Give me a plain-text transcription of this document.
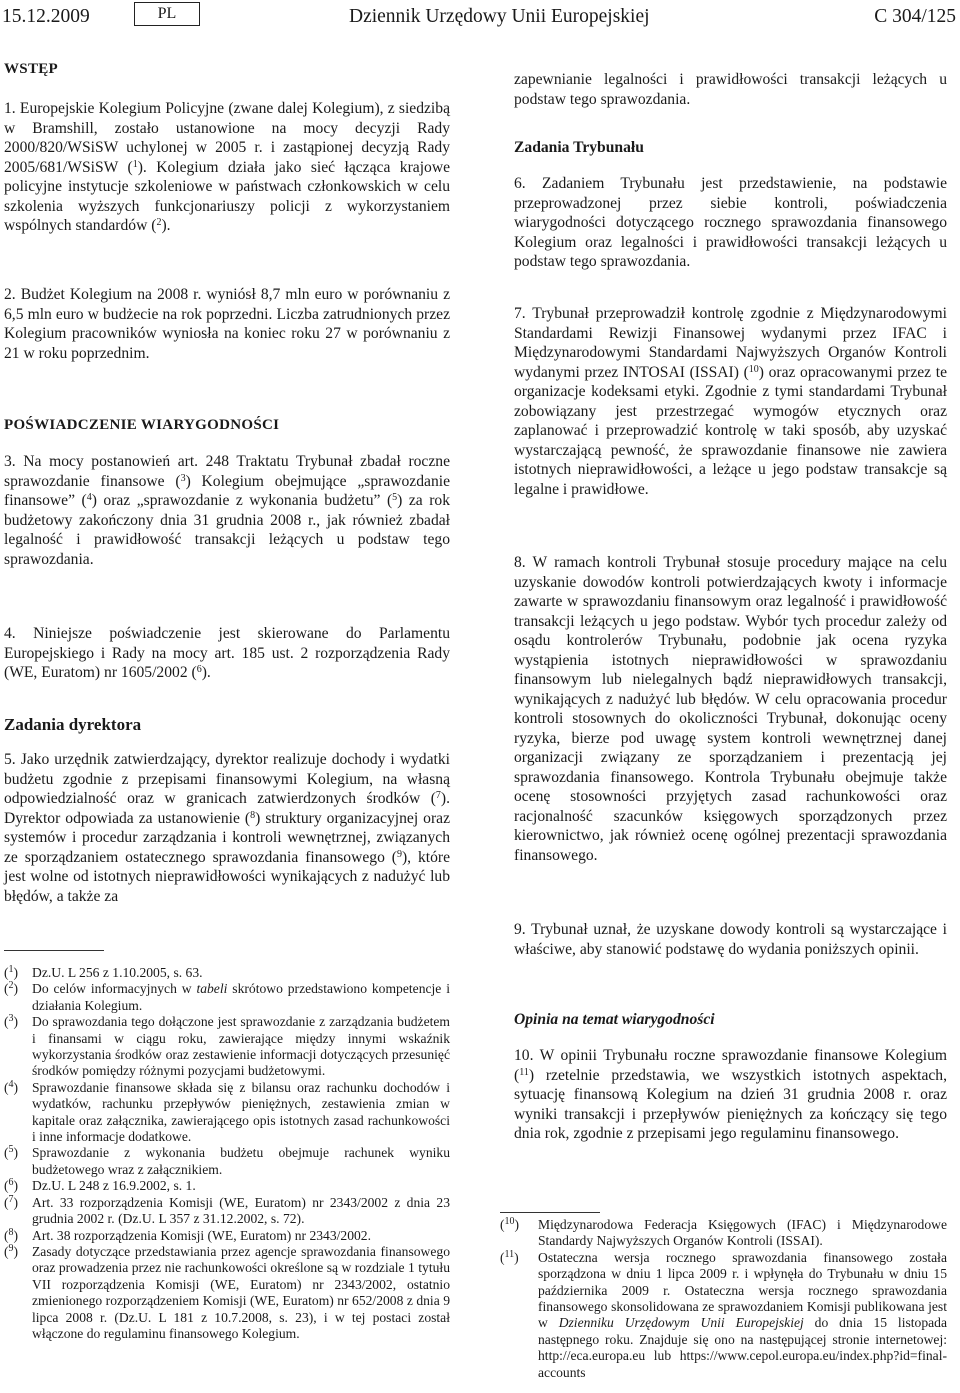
15.12.2009	PL	Dziennik Urzędowy Unii Europejskiej	C 304/125

WSTĘP

1. Europejskie Kolegium Policyjne (zwane dalej Kolegium), z siedzibą w Bramshill, zostało ustanowione na mocy decyzji Rady 2000/820/WSiSW uchylonej w 2005 r. i zastąpionej decyzją Rady 2005/681/WSiSW ($^1$). Kolegium działa jako sieć łącząca krajowe policyjne instytucje szkoleniowe w państwach członkowskich w celu szkolenia wyższych funkcjonariuszy policji z wykorzystaniem wspólnych standardów ($^2$).

2. Budżet Kolegium na 2008 r. wyniósł 8,7 mln euro w porównaniu z 6,5 mln euro w budżecie na rok poprzedni. Liczba zatrudnionych przez Kolegium pracowników wyniosła na koniec roku 27 w porównaniu z 21 w roku poprzednim.

POŚWIADCZENIE WIARYGODNOŚCI

3. Na mocy postanowień art. 248 Traktatu Trybunał zbadał roczne sprawozdanie finansowe ($^3$) Kolegium obejmujące „sprawozdanie finansowe” ($^4$) oraz „sprawozdanie z wykonania budżetu” ($^5$) za rok budżetowy zakończony dnia 31 grudnia 2008 r., jak również zbadał legalność i prawidłowość transakcji leżących u podstaw tego sprawozdania.

4. Niniejsze poświadczenie jest skierowane do Parlamentu Europejskiego i Rady na mocy art. 185 ust. 2 rozporządzenia Rady (WE, Euratom) nr 1605/2002 ($^6$).

Zadania dyrektora

5. Jako urzędnik zatwierdzający, dyrektor realizuje dochody i wydatki budżetu zgodnie z przepisami finansowymi Kolegium, na własną odpowiedzialność oraz w granicach zatwierdzonych środków ($^7$). Dyrektor odpowiada za ustanowienie ($^8$) struktury organizacyjnej oraz systemów i procedur zarządzania i kontroli wewnętrznej, związanych ze sporządzaniem ostatecznego sprawozdania finansowego ($^9$), które jest wolne od istotnych nieprawidłowości wynikających z nadużyć lub błędów, a także za

($^1$) Dz.U. L 256 z 1.10.2005, s. 63.

($^2$) Do celów informacyjnych w tabeli skrótowo przedstawiono kompetencje i działania Kolegium.

($^3$) Do sprawozdania tego dołączone jest sprawozdanie z zarządzania budżetem i finansami w ciągu roku, zawierające między innymi wskaźnik wykorzystania środków oraz zestawienie informacji dotyczących przesunięć środków pomiędzy różnymi pozycjami budżetowymi.

($^4$) Sprawozdanie finansowe składa się z bilansu oraz rachunku dochodów i wydatków, rachunku przepływów pieniężnych, zestawienia zmian w kapitale oraz załącznika, zawierającego opis istotnych zasad rachunkowości i inne informacje dodatkowe.

($^5$) Sprawozdanie z wykonania budżetu obejmuje rachunek wyniku budżetowego wraz z załącznikiem.

($^6$) Dz.U. L 248 z 16.9.2002, s. 1.

($^7$) Art. 33 rozporządzenia Komisji (WE, Euratom) nr 2343/2002 z dnia 23 grudnia 2002 r. (Dz.U. L 357 z 31.12.2002, s. 72).

($^8$) Art. 38 rozporządzenia Komisji (WE, Euratom) nr 2343/2002.

($^9$) Zasady dotyczące przedstawiania przez agencje sprawozdania finansowego oraz prowadzenia przez nie rachunkowości określone są w rozdziale 1 tytułu VII rozporządzenia Komisji (WE, Euratom) nr 2343/2002, ostatnio zmienionego rozporządzeniem Komisji (WE, Euratom) nr 652/2008 z dnia 9 lipca 2008 r. (Dz.U. L 181 z 10.7.2008, s. 23), i w tej postaci został włączone do regulaminu finansowego Kolegium.

zapewnianie legalności i prawidłowości transakcji leżących u podstaw tego sprawozdania.

Zadania Trybunału

6. Zadaniem Trybunału jest przedstawienie, na podstawie przeprowadzonej przez siebie kontroli, poświadczenia wiarygodności dotyczącego rocznego sprawozdania finansowego Kolegium oraz legalności i prawidłowości transakcji leżących u podstaw tego sprawozdania.

7. Trybunał przeprowadził kontrolę zgodnie z Międzynarodowymi Standardami Rewizji Finansowej wydanymi przez IFAC i Międzynarodowymi Standardami Najwyższych Organów Kontroli wydanymi przez INTOSAI (ISSAI) ($^{10}$) oraz opracowanymi przez te organizacje kodeksami etyki. Zgodnie z tymi standardami Trybunał zobowiązany jest przestrzegać wymogów etycznych oraz zaplanować i przeprowadzić kontrolę w taki sposób, aby uzyskać wystarczającą pewność, że sprawozdanie finansowe nie zawiera istotnych nieprawidłowości, a leżące u jego podstaw transakcje są legalne i prawidłowe.

8. W ramach kontroli Trybunał stosuje procedury mające na celu uzyskanie dowodów kontroli potwierdzających kwoty i informacje zawarte w sprawozdaniu finansowym oraz legalność i prawidłowość transakcji leżących u jego podstaw. Wybór tych procedur zależy od osądu kontrolerów Trybunału, podobnie jak ocena ryzyka wystąpienia istotnych nieprawidłowości w sprawozdaniu finansowym lub nielegalnych bądź nieprawidłowych transakcji, wynikających z nadużyć lub błędów. W celu opracowania procedur kontroli stosownych do okoliczności Trybunał, dokonując oceny ryzyka, bierze pod uwagę system kontroli wewnętrznej danej organizacji związany ze sporządzaniem i prezentacją jej sprawozdania finansowego. Kontrola Trybunału obejmuje także ocenę stosowności przyjętych zasad rachunkowości oraz racjonalność szacunków księgowych sporządzonych przez kierownictwo, jak również ocenę ogólnej prezentacji sprawozdania finansowego.

9. Trybunał uznał, że uzyskane dowody kontroli są wystarczające i właściwe, aby stanowić podstawę do wydania poniższych opinii.

Opinia na temat wiarygodności

10. W opinii Trybunału roczne sprawozdanie finansowe Kolegium ($^{11}$) rzetelnie przedstawia, we wszystkich istotnych aspektach, sytuację finansową Kolegium na dzień 31 grudnia 2008 r. oraz wyniki transakcji i przepływów pieniężnych za kończący się tego dnia rok, zgodnie z przepisami jego regulaminu finansowego.

($^{10}$) Międzynarodowa Federacja Księgowych (IFAC) i Międzynarodowe Standardy Najwyższych Organów Kontroli (ISSAI).

($^{11}$) Ostateczna wersja rocznego sprawozdania finansowego została sporządzona w dniu 1 lipca 2009 r. i wpłynęła do Trybunału w dniu 15 października 2009 r. Ostateczna wersja rocznego sprawozdania finansowego skonsolidowana ze sprawozdaniem Komisji publikowana jest w Dzienniku Urzędowym Unii Europejskiej do dnia 15 listopada następnego roku. Znajduje się ono na następującej stronie internetowej: http://eca.europa.eu lub https://www.cepol.europa.eu/index.php?id=final-accounts
